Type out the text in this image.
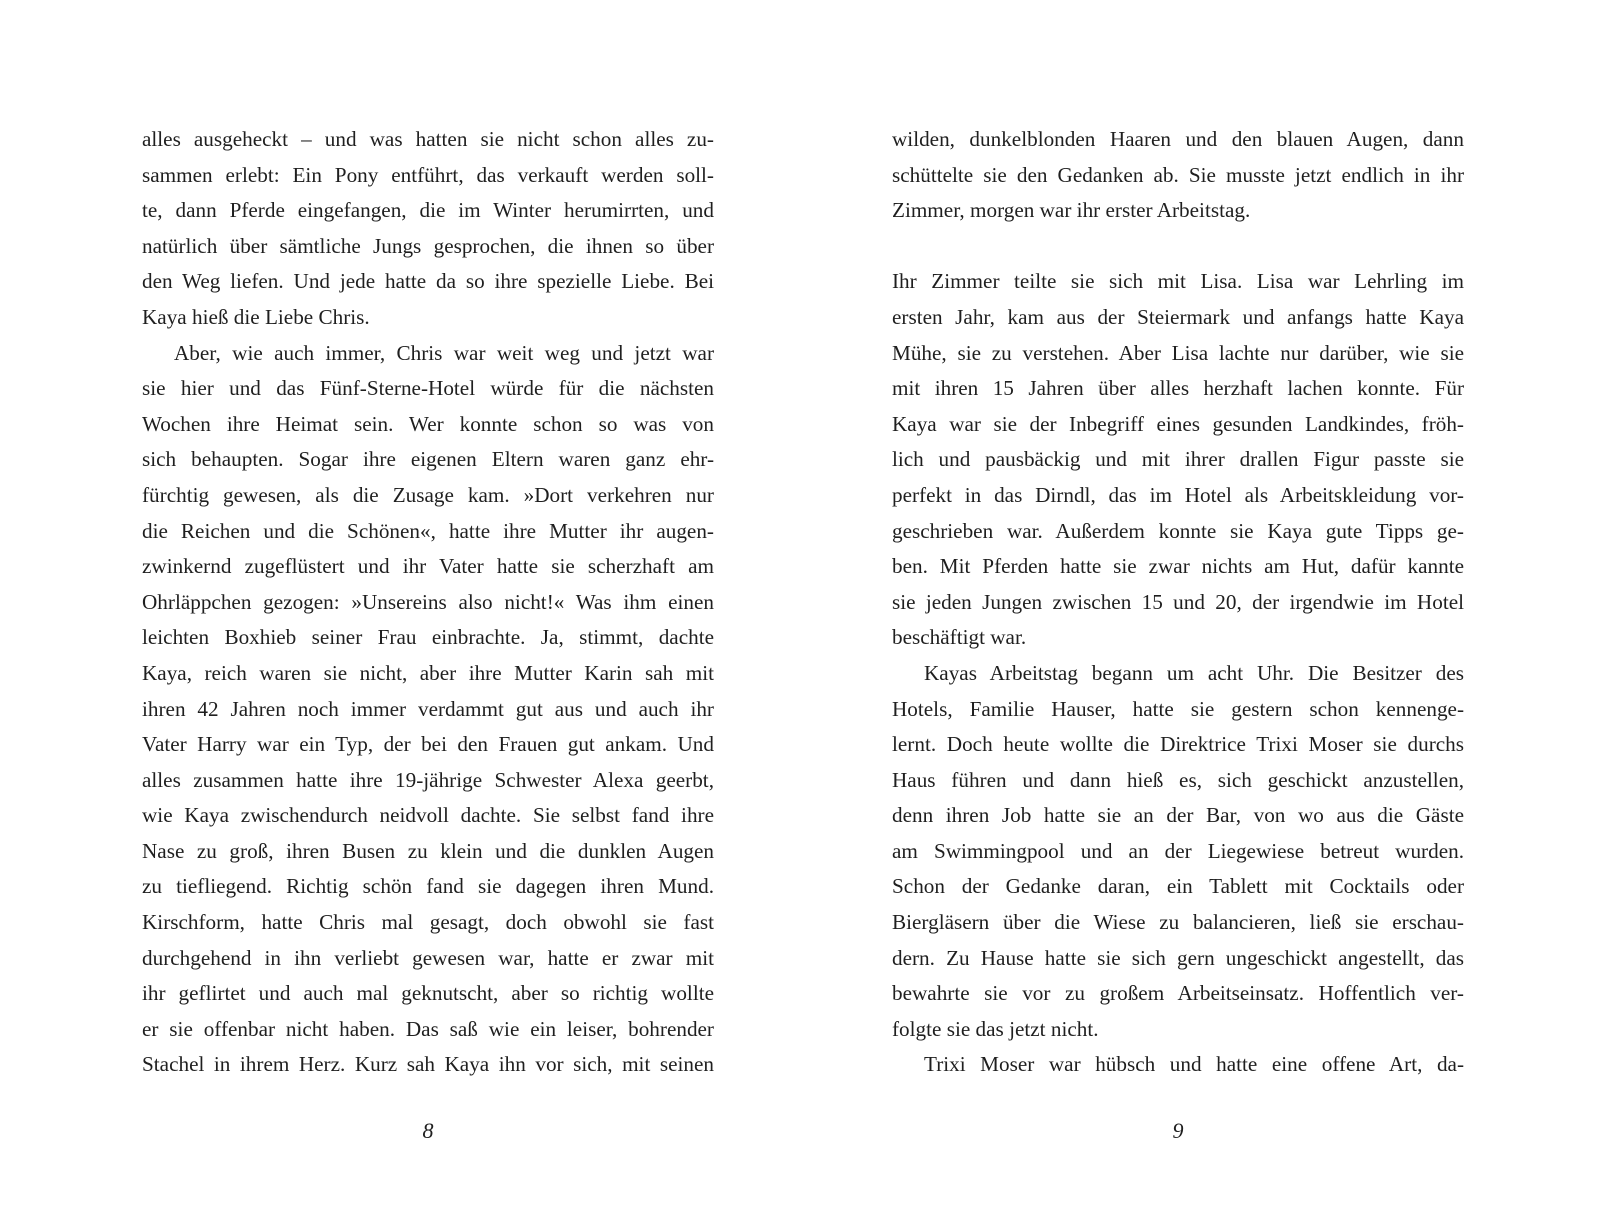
alles ausgeheckt – und was hatten sie nicht schon alles zu-
sammen erlebt: Ein Pony entführt, das verkauft werden soll-
te, dann Pferde eingefangen, die im Winter herumirrten, und
natürlich über sämtliche Jungs gesprochen, die ihnen so über
den Weg liefen. Und jede hatte da so ihre spezielle Liebe. Bei
Kaya hieß die Liebe Chris.
Aber, wie auch immer, Chris war weit weg und jetzt war
sie hier und das Fünf-Sterne-Hotel würde für die nächsten
Wochen ihre Heimat sein. Wer konnte schon so was von
sich behaupten. Sogar ihre eigenen Eltern waren ganz ehr-
fürchtig gewesen, als die Zusage kam. »Dort verkehren nur
die Reichen und die Schönen«, hatte ihre Mutter ihr augen-
zwinkernd zugeflüstert und ihr Vater hatte sie scherzhaft am
Ohrläppchen gezogen: »Unsereins also nicht!« Was ihm einen
leichten Boxhieb seiner Frau einbrachte. Ja, stimmt, dachte
Kaya, reich waren sie nicht, aber ihre Mutter Karin sah mit
ihren 42 Jahren noch immer verdammt gut aus und auch ihr
Vater Harry war ein Typ, der bei den Frauen gut ankam. Und
alles zusammen hatte ihre 19-jährige Schwester Alexa geerbt,
wie Kaya zwischendurch neidvoll dachte. Sie selbst fand ihre
Nase zu groß, ihren Busen zu klein und die dunklen Augen
zu tiefliegend. Richtig schön fand sie dagegen ihren Mund.
Kirschform, hatte Chris mal gesagt, doch obwohl sie fast
durchgehend in ihn verliebt gewesen war, hatte er zwar mit
ihr geflirtet und auch mal geknutscht, aber so richtig wollte
er sie offenbar nicht haben. Das saß wie ein leiser, bohrender
Stachel in ihrem Herz. Kurz sah Kaya ihn vor sich, mit seinen
wilden, dunkelblonden Haaren und den blauen Augen, dann
schüttelte sie den Gedanken ab. Sie musste jetzt endlich in ihr
Zimmer, morgen war ihr erster Arbeitstag.
Ihr Zimmer teilte sie sich mit Lisa. Lisa war Lehrling im
ersten Jahr, kam aus der Steiermark und anfangs hatte Kaya
Mühe, sie zu verstehen. Aber Lisa lachte nur darüber, wie sie
mit ihren 15 Jahren über alles herzhaft lachen konnte. Für
Kaya war sie der Inbegriff eines gesunden Landkindes, fröh-
lich und pausbäckig und mit ihrer drallen Figur passte sie
perfekt in das Dirndl, das im Hotel als Arbeitskleidung vor-
geschrieben war. Außerdem konnte sie Kaya gute Tipps ge-
ben. Mit Pferden hatte sie zwar nichts am Hut, dafür kannte
sie jeden Jungen zwischen 15 und 20, der irgendwie im Hotel
beschäftigt war.
Kayas Arbeitstag begann um acht Uhr. Die Besitzer des
Hotels, Familie Hauser, hatte sie gestern schon kennenge-
lernt. Doch heute wollte die Direktrice Trixi Moser sie durchs
Haus führen und dann hieß es, sich geschickt anzustellen,
denn ihren Job hatte sie an der Bar, von wo aus die Gäste
am Swimmingpool und an der Liegewiese betreut wurden.
Schon der Gedanke daran, ein Tablett mit Cocktails oder
Biergläsern über die Wiese zu balancieren, ließ sie erschau-
dern. Zu Hause hatte sie sich gern ungeschickt angestellt, das
bewahrte sie vor zu großem Arbeitseinsatz. Hoffentlich ver-
folgte sie das jetzt nicht.
Trixi Moser war hübsch und hatte eine offene Art, da-
8	9
